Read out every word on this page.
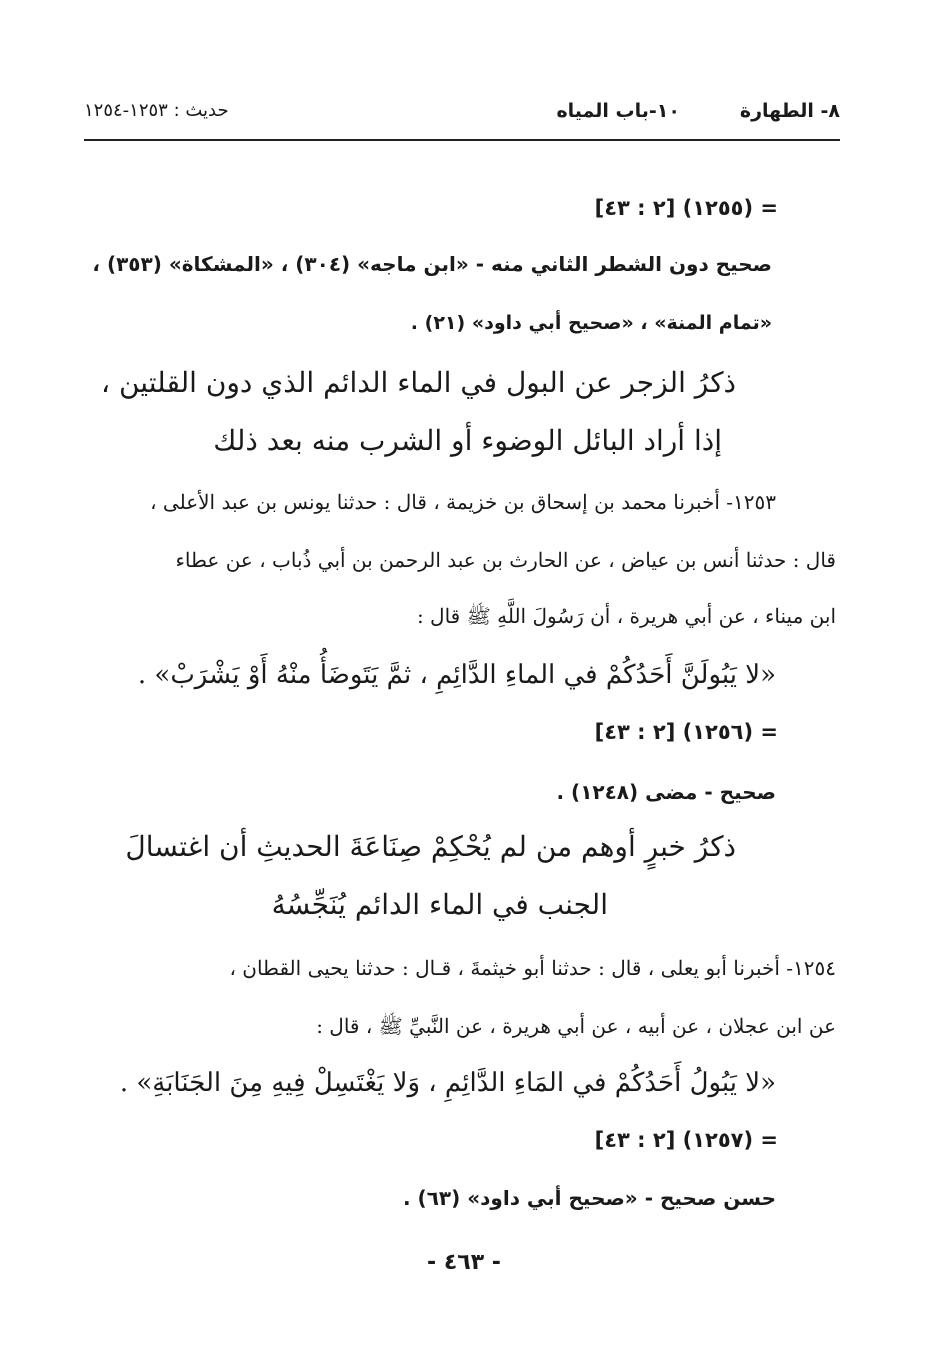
٨- الطهارة
١٠-باب المياه
حديث : ١٢٥٣-١٢٥٤
= (١٢٥٥) [٢ : ٤٣]
صحيح دون الشطر الثاني منه - «ابن ماجه» (٣٠٤) ، «المشكاة» (٣٥٣) ،
«تمام المنة» ، «صحيح أبي داود» (٢١) .
ذكرُ الزجر عن البول في الماء الدائم الذي دون القلتين ،
إذا أراد البائل الوضوء أو الشرب منه بعد ذلك
١٢٥٣- أخبرنا محمد بن إسحاق بن خزيمة ، قال : حدثنا يونس بن عبد الأعلى ،
قال : حدثنا أنس بن عياض ، عن الحارث بن عبد الرحمن بن أبي ذُباب ، عن عطاء
ابن ميناء ، عن أبي هريرة ، أن رَسُولَ اللَّهِ ﷺ قال :
«لا يَبُولَنَّ أَحَدُكُمْ في الماءِ الدَّائِمِ ، ثمَّ يَتَوضَأُ منْهُ أَوْ يَشْرَبْ» .
= (١٢٥٦) [٢ : ٤٣]
صحيح - مضى (١٢٤٨) .
ذكرُ خبرٍ أوهم من لم يُحْكِمْ صِنَاعَةَ الحديثِ أن اغتسالَ
الجنب في الماء الدائم يُنَجِّسُهُ
١٢٥٤- أخبرنا أبو يعلى ، قال : حدثنا أبو خيثمةَ ، قـال : حدثنا يحيى القطان ،
عن ابن عجلان ، عن أبيه ، عن أبي هريرة ، عن النَّبيِّ ﷺ ، قال :
«لا يَبُولُ أَحَدُكُمْ في المَاءِ الدَّائِمِ ، وَلا يَغْتَسِلْ فِيهِ مِنَ الجَنَابَةِ» .
= (١٢٥٧) [٢ : ٤٣]
حسن صحيح - «صحيح أبي داود» (٦٣) .
- ٤٦٣ -
